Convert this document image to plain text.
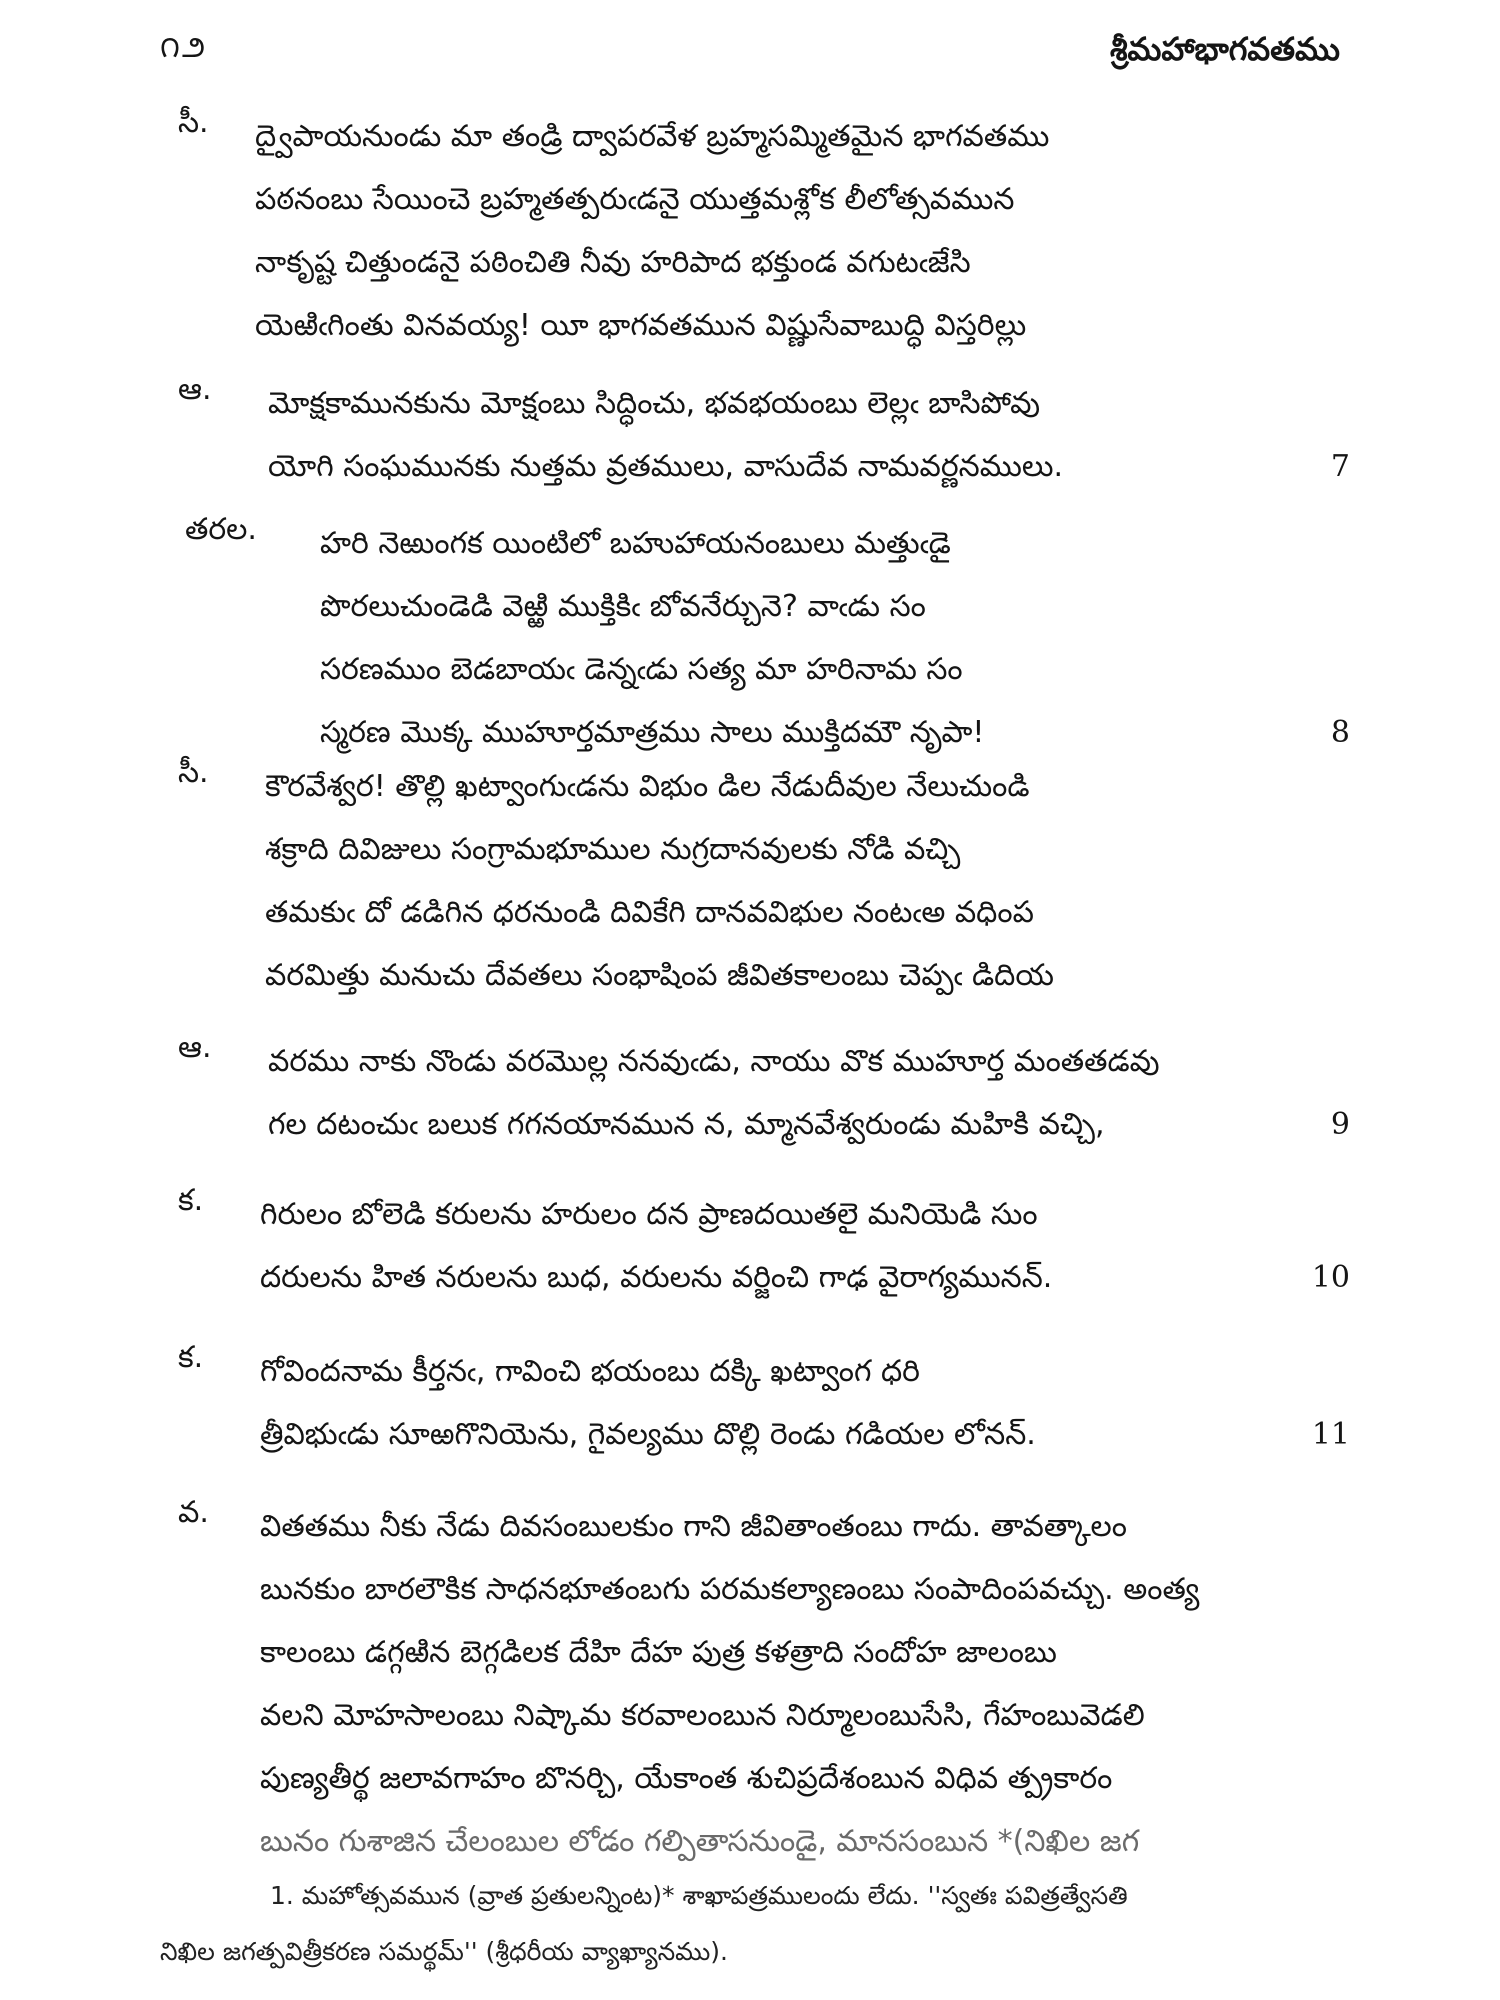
౧౨	శ్రీమహాభాగవతము
సీ. ద్వైపాయనుండు మా తండ్రి ద్వాపరవేళ బ్రహ్మసమ్మితమైన భాగవతము
పఠనంబు సేయించె బ్రహ్మతత్పరుఁడనై యుత్తమశ్లోక లీలోత్సవమున
నాకృష్ట చిత్తుండనై పఠించితి నీవు హరిపాద భక్తుండ వగుటఁజేసి
యెఱిఁగింతు వినవయ్య! యీ భాగవతమున విష్ణుసేవాబుద్ధి విస్తరిల్లు
ఆ. మోక్షకామునకును మోక్షంబు సిద్ధించు, భవభయంబు లెల్లఁ బాసిపోవు
యోగి సంఘమునకు నుత్తమ వ్రతములు, వాసుదేవ నామవర్ణనములు.	7
తరల. హరి నెఱుంగక యింటిలో బహుహాయనంబులు మత్తుఁడై
పొరలుచుండెడి వెఱ్ఱి ముక్తికిఁ బోవనేర్చునె? వాఁడు సం
సరణముం బెడబాయఁ డెన్నఁడు సత్య మా హరినామ సం
స్మరణ మొక్క ముహూర్తమాత్రము సాలు ముక్తిదమౌ నృపా!	8
సీ. కౌరవేశ్వర! తొల్లి ఖట్వాంగుఁడను విభుం డిల నేడుదీవుల నేలుచుండి
శక్రాది దివిజులు సంగ్రామభూముల నుగ్రదానవులకు నోడి వచ్చి
తమకుఁ దో డడిగిన ధరనుండి దివికేగి దానవవిభుల నంటఁఅ వధింప
వరమిత్తు మనుచు దేవతలు సంభాషింప జీవితకాలంబు చెప్పఁ డిదియ
ఆ. వరము నాకు నొండు వరమొల్ల ననవుఁడు, నాయు వొక ముహూర్త మంతతడవు
గల దటంచుఁ బలుక గగనయానమున న, మ్మానవేశ్వరుండు మహికి వచ్చి,	9
క. గిరులం బోలెడి కరులను హరులం దన ప్రాణదయితలై మనియెడి సుం
దరులను హిత నరులను బుధ, వరులను వర్జించి గాఢ వైరాగ్యమునన్.	10
క. గోవిందనామ కీర్తనఁ, గావించి భయంబు దక్కి ఖట్వాంగ ధరి
త్రీవిభుఁడు సూఱగొనియెను, గైవల్యము దొల్లి రెండు గడియల లోనన్.	11
వ. వితతము నీకు నేడు దివసంబులకుం గాని జీవితాంతంబు గాదు. తావత్కాలం
బునకుం బారలౌకిక సాధనభూతంబగు పరమకల్యాణంబు సంపాదింపవచ్చు. అంత్య
కాలంబు డగ్గఱిన బెగ్గడిలక దేహి దేహ పుత్ర కళత్రాది సందోహ జాలంబు
వలని మోహసాలంబు నిష్కామ కరవాలంబున నిర్మూలంబుసేసి, గేహంబువెడలి
పుణ్యతీర్థ జలావగాహం బొనర్చి, యేకాంత శుచిప్రదేశంబున విధివ త్ప్రకారం
బునం గుశాజిన చేలంబుల లోడం గల్పితాసనుండై, మానసంబున *(నిఖిల జగ
1. మహోత్సవమున (వ్రాత ప్రతులన్నింట)* శాఖాపత్రములందు లేదు. ''స్వతః పవిత్రత్వేసతి
నిఖిల జగత్పవిత్రీకరణ సమర్థమ్'' (శ్రీధరీయ వ్యాఖ్యానము).
